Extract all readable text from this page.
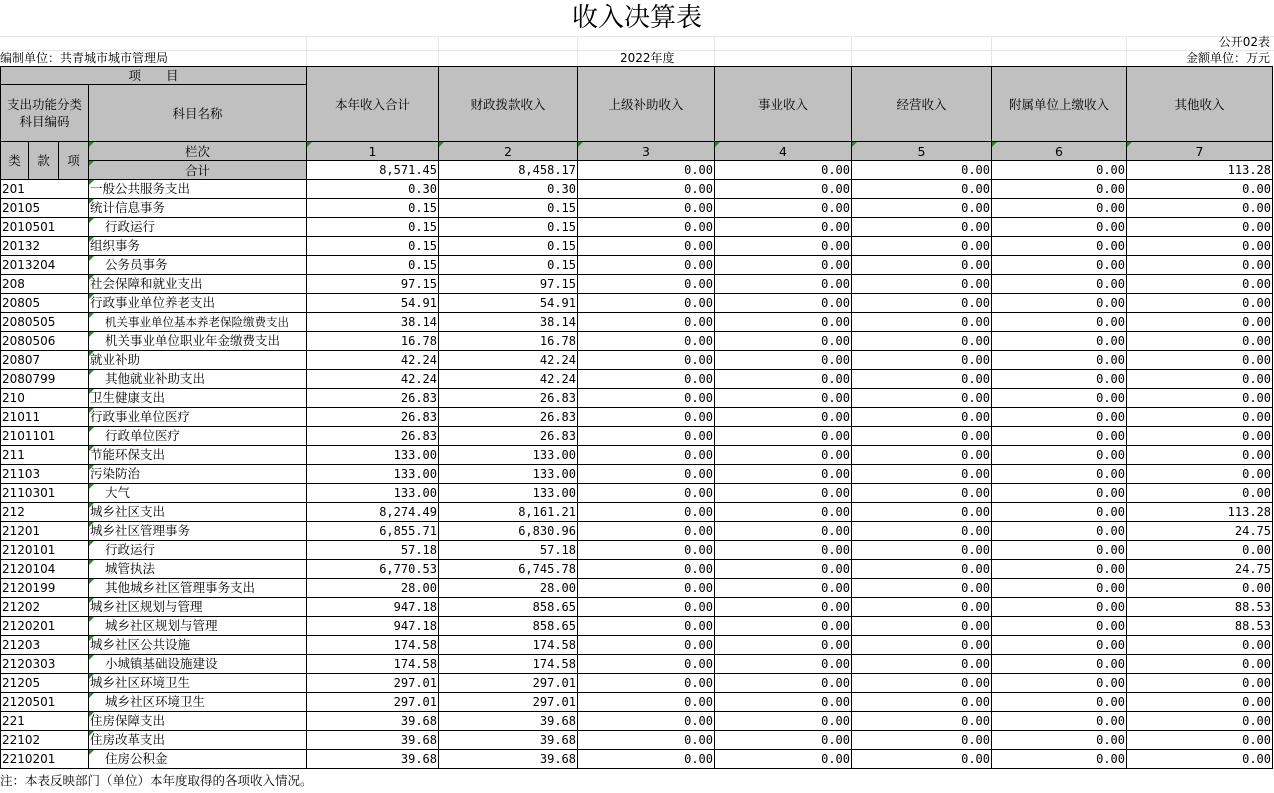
收入决算表
公开02表
编制单位：共青城市城市管理局	2022年度	金额单位：万元
项　　目				本年收入合计	财政拨款收入	上级补助收入	事业收入	经营收入	附属单位上缴收入	其他收入
支出功能分类科目编码			科目名称							

类	款	项	栏次	1	2	3	4	5	6	7
			合计	8,571.45	8,458.17	0.00	0.00	0.00	0.00	113.28
201			一般公共服务支出	0.30	0.30	0.00	0.00	0.00	0.00	0.00
20105			统计信息事务	0.15	0.15	0.00	0.00	0.00	0.00	0.00
2010501			行政运行	0.15	0.15	0.00	0.00	0.00	0.00	0.00
20132			组织事务	0.15	0.15	0.00	0.00	0.00	0.00	0.00
2013204			公务员事务	0.15	0.15	0.00	0.00	0.00	0.00	0.00
208			社会保障和就业支出	97.15	97.15	0.00	0.00	0.00	0.00	0.00
20805			行政事业单位养老支出	54.91	54.91	0.00	0.00	0.00	0.00	0.00
2080505			机关事业单位基本养老保险缴费支出	38.14	38.14	0.00	0.00	0.00	0.00	0.00
2080506			机关事业单位职业年金缴费支出	16.78	16.78	0.00	0.00	0.00	0.00	0.00
20807			就业补助	42.24	42.24	0.00	0.00	0.00	0.00	0.00
2080799			其他就业补助支出	42.24	42.24	0.00	0.00	0.00	0.00	0.00
210			卫生健康支出	26.83	26.83	0.00	0.00	0.00	0.00	0.00
21011			行政事业单位医疗	26.83	26.83	0.00	0.00	0.00	0.00	0.00
2101101			行政单位医疗	26.83	26.83	0.00	0.00	0.00	0.00	0.00
211			节能环保支出	133.00	133.00	0.00	0.00	0.00	0.00	0.00
21103			污染防治	133.00	133.00	0.00	0.00	0.00	0.00	0.00
2110301			大气	133.00	133.00	0.00	0.00	0.00	0.00	0.00
212			城乡社区支出	8,274.49	8,161.21	0.00	0.00	0.00	0.00	113.28
21201			城乡社区管理事务	6,855.71	6,830.96	0.00	0.00	0.00	0.00	24.75
2120101			行政运行	57.18	57.18	0.00	0.00	0.00	0.00	0.00
2120104			城管执法	6,770.53	6,745.78	0.00	0.00	0.00	0.00	24.75
2120199			其他城乡社区管理事务支出	28.00	28.00	0.00	0.00	0.00	0.00	0.00
21202			城乡社区规划与管理	947.18	858.65	0.00	0.00	0.00	0.00	88.53
2120201			城乡社区规划与管理	947.18	858.65	0.00	0.00	0.00	0.00	88.53
21203			城乡社区公共设施	174.58	174.58	0.00	0.00	0.00	0.00	0.00
2120303			小城镇基础设施建设	174.58	174.58	0.00	0.00	0.00	0.00	0.00
21205			城乡社区环境卫生	297.01	297.01	0.00	0.00	0.00	0.00	0.00
2120501			城乡社区环境卫生	297.01	297.01	0.00	0.00	0.00	0.00	0.00
221			住房保障支出	39.68	39.68	0.00	0.00	0.00	0.00	0.00
22102			住房改革支出	39.68	39.68	0.00	0.00	0.00	0.00	0.00
2210201			住房公积金	39.68	39.68	0.00	0.00	0.00	0.00	0.00
注：本表反映部门（单位）本年度取得的各项收入情况。
